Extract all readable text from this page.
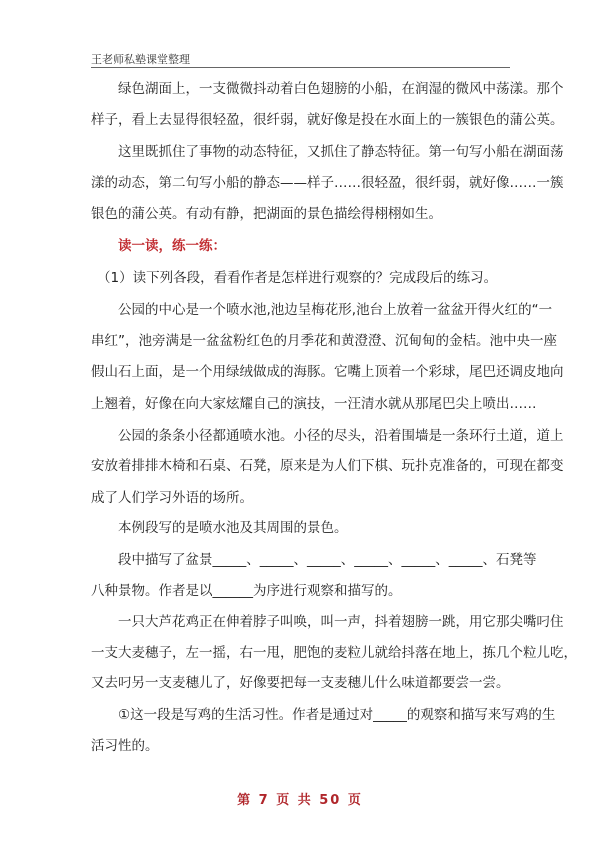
王老师私塾课堂整理
绿色湖面上，一支微微抖动着白色翅膀的小船，在润湿的微风中荡漾。那个
样子，看上去显得很轻盈，很纤弱，就好像是投在水面上的一簇银色的蒲公英。
这里既抓住了事物的动态特征，又抓住了静态特征。第一句写小船在湖面荡
漾的动态，第二句写小船的静态——样子……很轻盈，很纤弱，就好像……一簇
银色的蒲公英。有动有静，把湖面的景色描绘得栩栩如生。
读一读，练一练：
（1）读下列各段，看看作者是怎样进行观察的？完成段后的练习。
公园的中心是一个喷水池,池边呈梅花形,池台上放着一盆盆开得火红的“一
串红”，池旁满是一盆盆粉红色的月季花和黄澄澄、沉甸甸的金桔。池中央一座
假山石上面，是一个用绿绒做成的海豚。它嘴上顶着一个彩球，尾巴还调皮地向
上翘着，好像在向大家炫耀自己的演技，一汪清水就从那尾巴尖上喷出……
公园的条条小径都通喷水池。小径的尽头，沿着围墙是一条环行土道，道上
安放着排排木椅和石桌、石凳，原来是为人们下棋、玩扑克准备的，可现在都变
成了人们学习外语的场所。
本例段写的是喷水池及其周围的景色。
段中描写了盆景_____、_____、_____、_____、_____、_____、石凳等
八种景物。作者是以______为序进行观察和描写的。
一只大芦花鸡正在伸着脖子叫唤，叫一声，抖着翅膀一跳，用它那尖嘴叼住
一支大麦穗子，左一摇，右一甩，肥饱的麦粒儿就给抖落在地上，拣几个粒儿吃，
又去叼另一支麦穗儿了，好像要把每一支麦穗儿什么味道都要尝一尝。
①这一段是写鸡的生活习性。作者是通过对_____的观察和描写来写鸡的生
活习性的。
第 7 页 共 50 页
